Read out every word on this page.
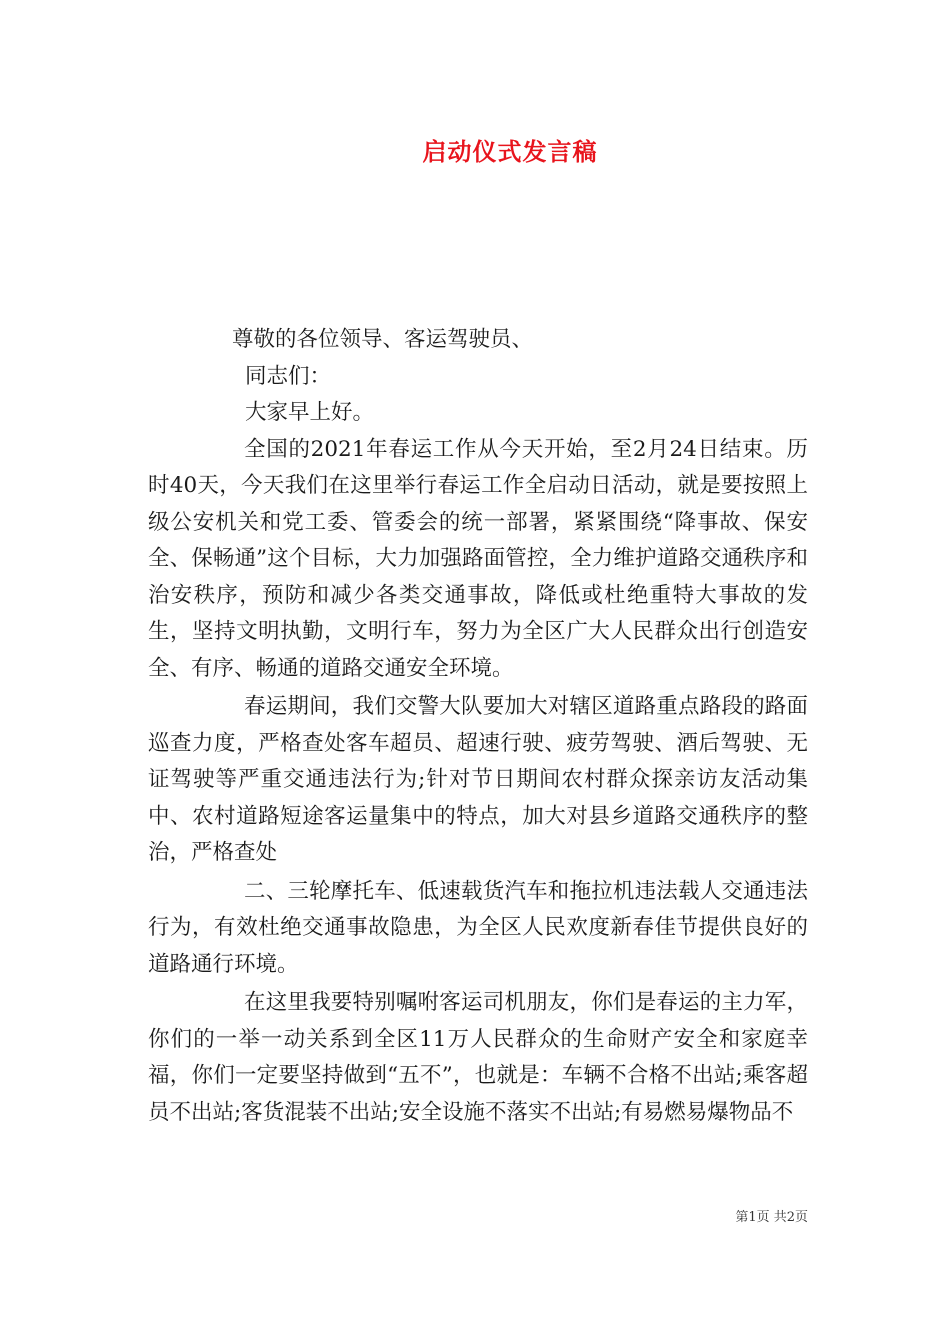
启动仪式发言稿
尊敬的各位领导、客运驾驶员、
同志们：
大家早上好。

全国的2021年春运工作从今天开始，至2月24日结束。历时40天，今天我们在这里举行春运工作全启动日活动，就是要按照上级公安机关和党工委、管委会的统一部署，紧紧围绕“降事故、保安全、保畅通”这个目标，大力加强路面管控，全力维护道路交通秩序和治安秩序，预防和减少各类交通事故，降低或杜绝重特大事故的发生，坚持文明执勤，文明行车，努力为全区广大人民群众出行创造安全、有序、畅通的道路交通安全环境。

春运期间，我们交警大队要加大对辖区道路重点路段的路面巡查力度，严格查处客车超员、超速行驶、疲劳驾驶、酒后驾驶、无证驾驶等严重交通违法行为;针对节日期间农村群众探亲访友活动集中、农村道路短途客运量集中的特点，加大对县乡道路交通秩序的整治，严格查处

二、三轮摩托车、低速载货汽车和拖拉机违法载人交通违法行为，有效杜绝交通事故隐患，为全区人民欢度新春佳节提供良好的道路通行环境。

在这里我要特别嘱咐客运司机朋友，你们是春运的主力军，你们的一举一动关系到全区11万人民群众的生命财产安全和家庭幸福，你们一定要坚持做到“五不”，也就是：车辆不合格不出站;乘客超员不出站;客货混装不出站;安全设施不落实不出站;有易燃易爆物品不

第1页 共2页
